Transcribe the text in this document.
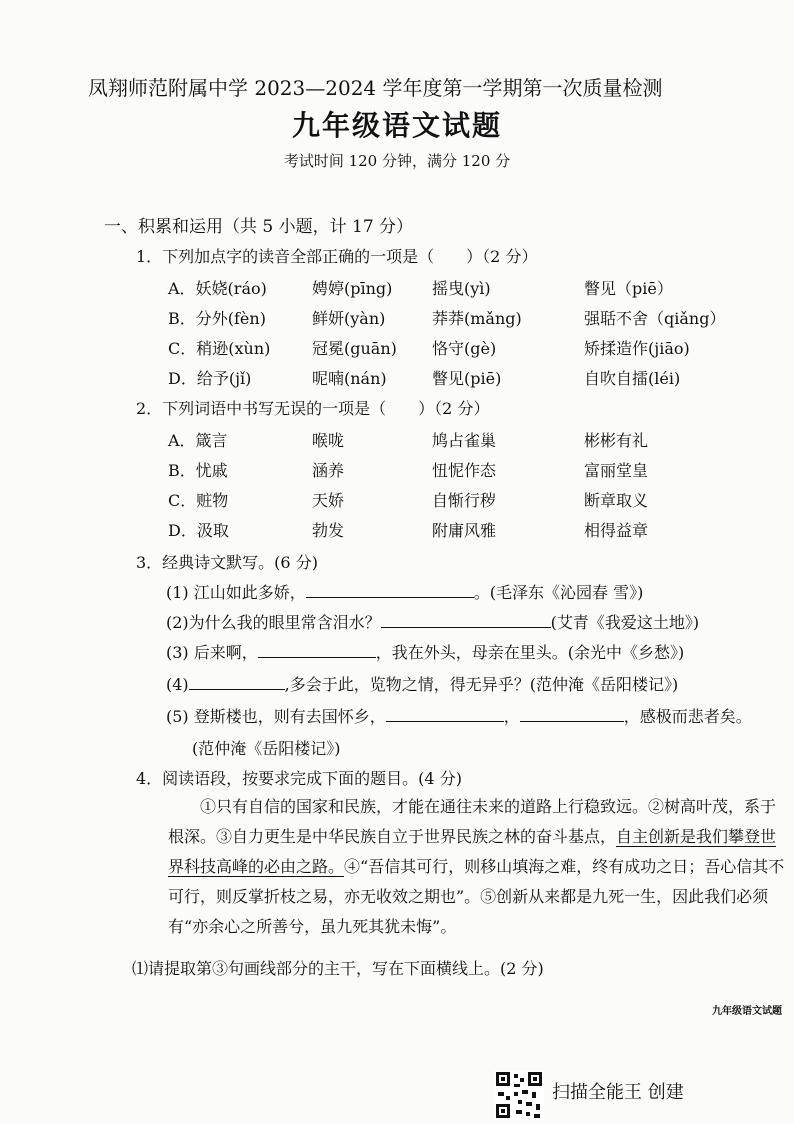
凤翔师范附属中学 2023—2024 学年度第一学期第一次质量检测
九年级语文试题
考试时间 120 分钟，满分 120 分
一、积累和运用（共 5 小题，计 17 分）
1．下列加点字的读音全部正确的一项是（　　）（2 分）
A．妖娆(ráo)	娉婷(pīng) 摇曳(yì)	瞥见（piē）
B．分外(fèn)	鲜妍(yàn)	莽莽(mǎng)	强聒不舍（qiǎng）
C．稍逊(xùn)	冠冕(guān) 恪守(gè)	矫揉造作(jiāo)
D．给予(jǐ)	呢喃(nán)	瞥见(piē)	自吹自擂(léi)
2．下列词语中书写无误的一项是（　　）（2 分）
A．箴言	喉咙	鸠占雀巢	彬彬有礼
B．忧戚	涵养	忸怩作态	富丽堂皇
C．赃物	天娇	自惭行秽	断章取义
D．汲取	勃发	附庸风雅	相得益章
3．经典诗文默写。(6 分)
(1) 江山如此多娇，	。(毛泽东《沁园春 雪》)
(2)为什么我的眼里常含泪水？	(艾青《我爱这土地》)
(3) 后来啊，	，我在外头，母亲在里头。(余光中《乡愁》)
(4)	,多会于此，览物之情，得无异乎？(范仲淹《岳阳楼记》)
(5) 登斯楼也，则有去国怀乡，	，	，感极而悲者矣。
(范仲淹《岳阳楼记》)
4．阅读语段，按要求完成下面的题目。(4 分)
①只有自信的国家和民族，才能在通往未来的道路上行稳致远。②树高叶茂，系于根深。③自力更生是中华民族自立于世界民族之林的奋斗基点，自主创新是我们攀登世界科技高峰的必由之路。④“吾信其可行，则移山填海之难，终有成功之日；吾心信其不可行，则反掌折枝之易，亦无收效之期也”。⑤创新从来都是九死一生，因此我们必须有“亦余心之所善兮，虽九死其犹未悔”。
⑴请提取第③句画线部分的主干，写在下面横线上。(2 分)
九年级语文试题
扫描全能王 创建
